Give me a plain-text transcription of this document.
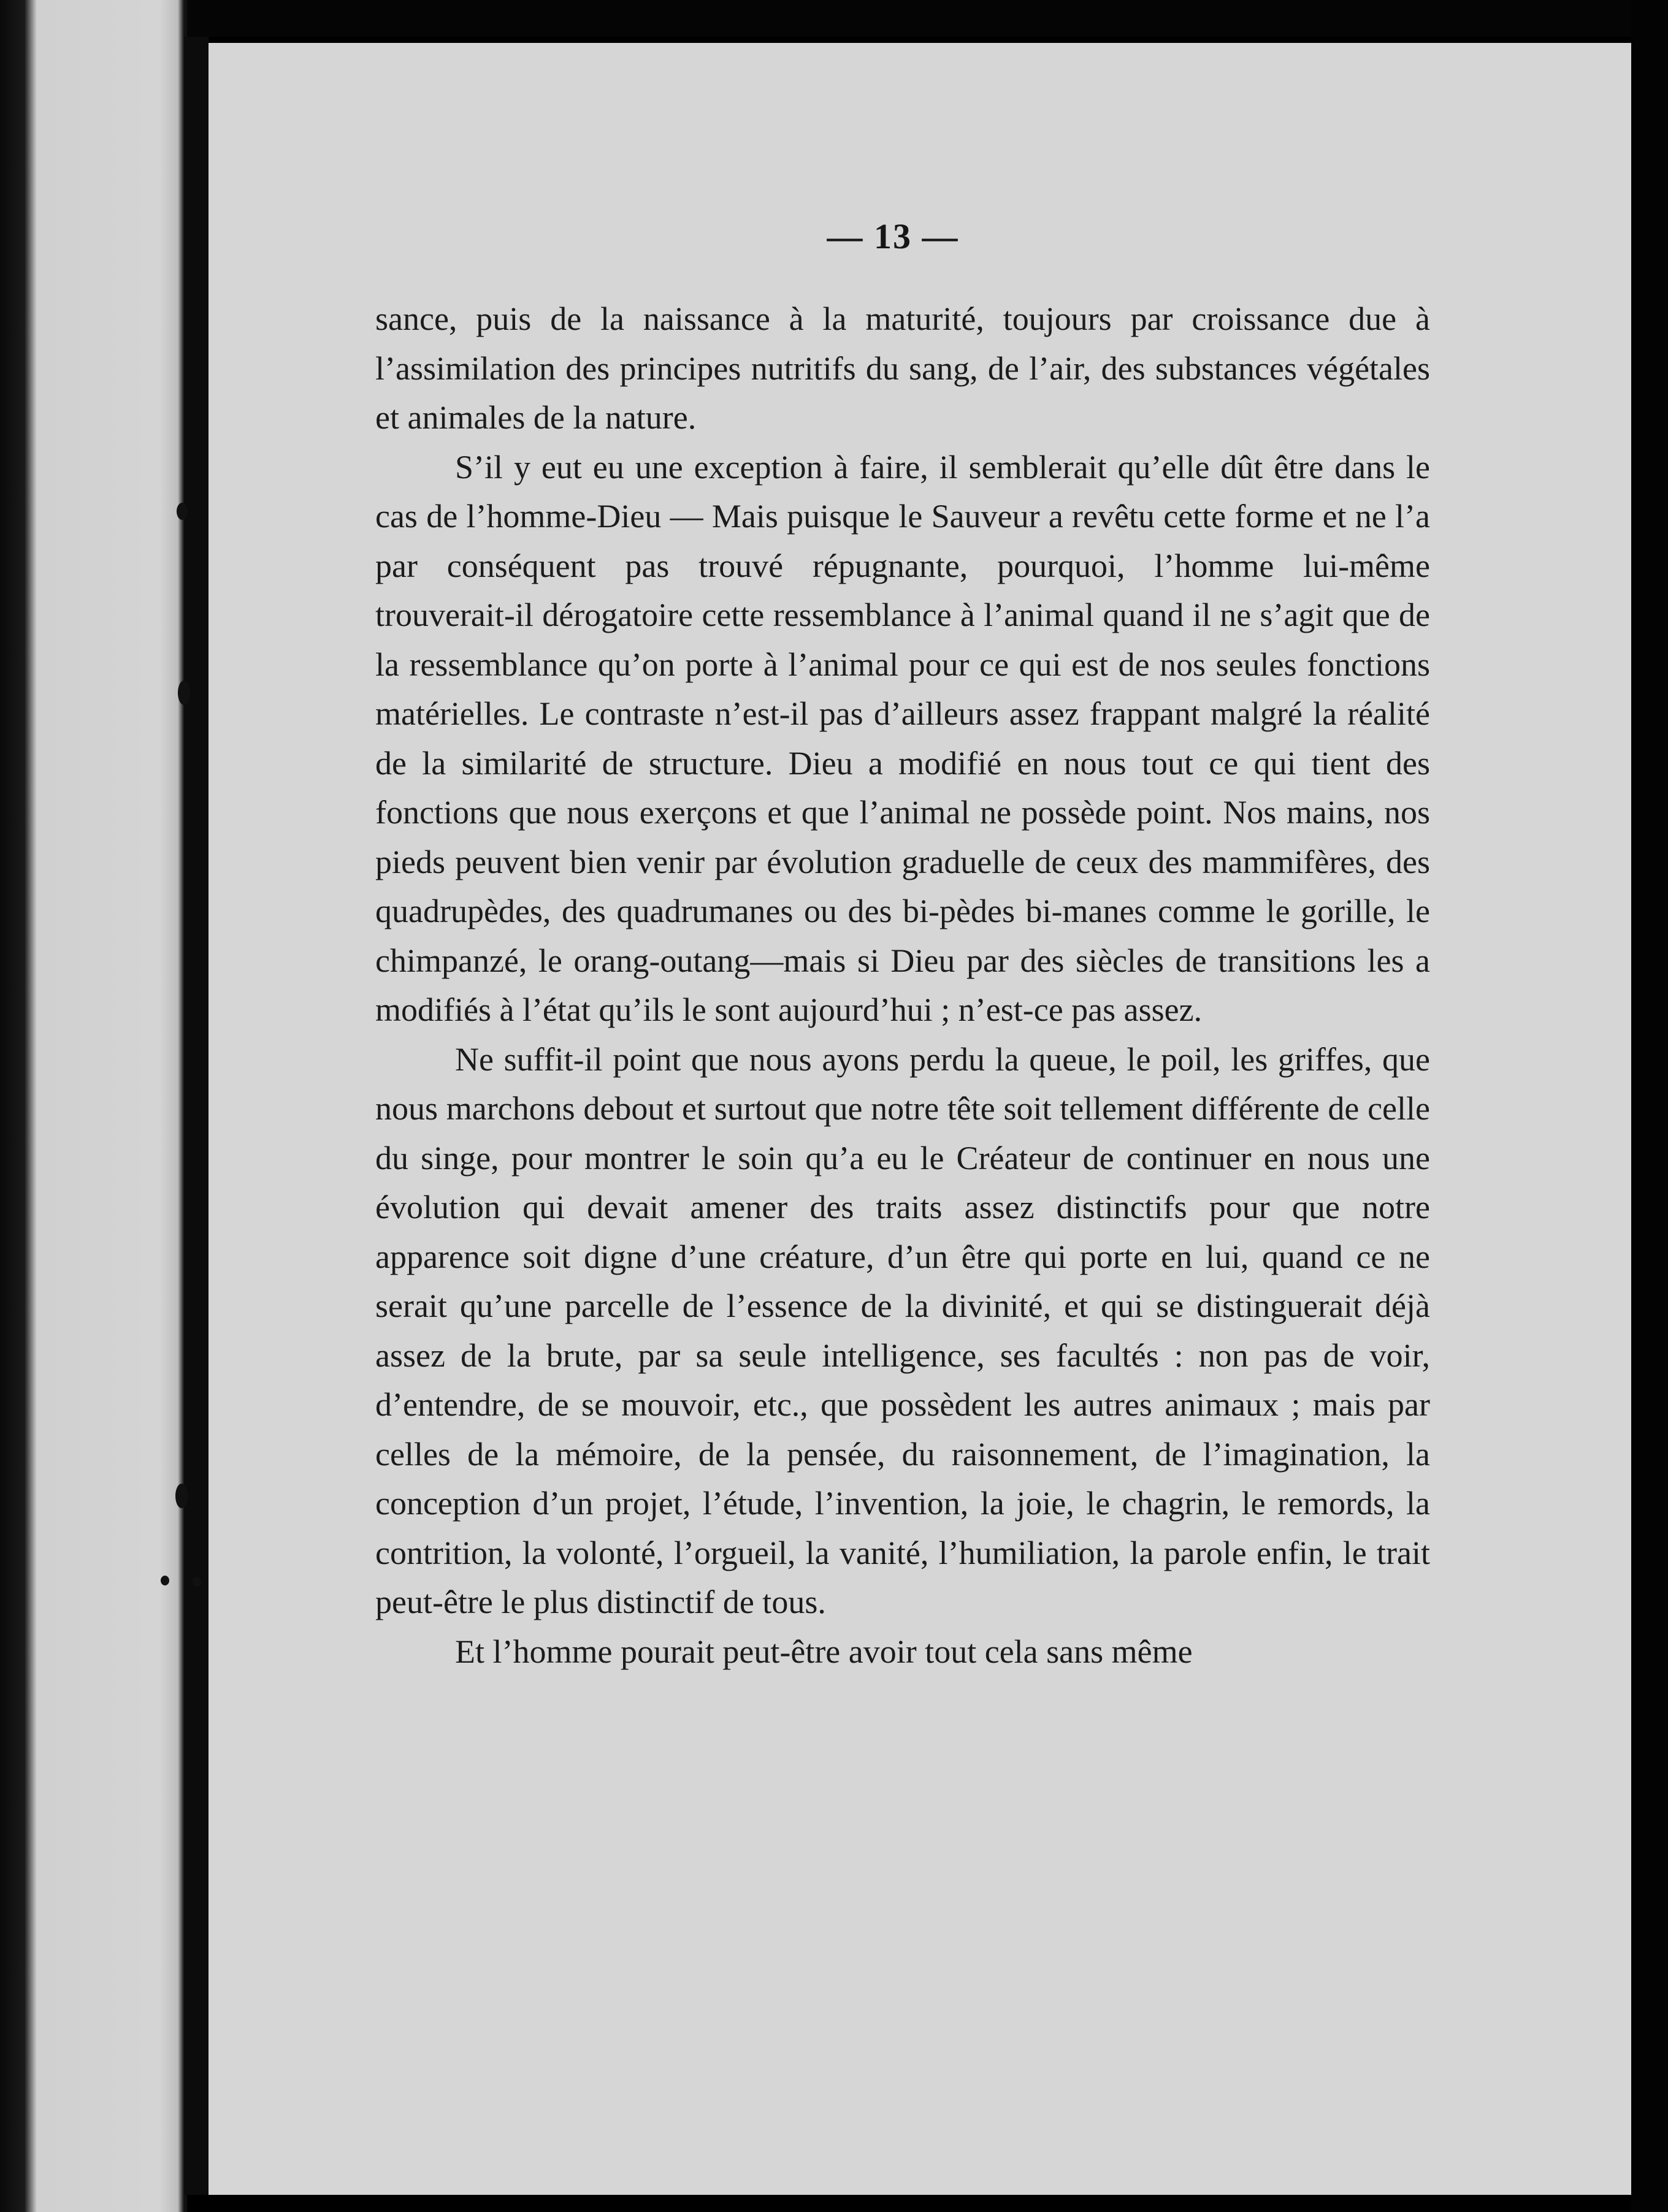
— 13 —

sance, puis de la naissance à la maturité, toujours par croissance due à l’assimilation des principes nutritifs du sang, de l’air, des substances végétales et animales de la nature.

S’il y eut eu une exception à faire, il semblerait qu’elle dût être dans le cas de l’homme-Dieu — Mais puisque le Sauveur a revêtu cette forme et ne l’a par conséquent pas trouvé répugnante, pourquoi, l’homme lui-même trouverait-il dérogatoire cette ressemblance à l’animal quand il ne s’agit que de la ressemblance qu’on porte à l’animal pour ce qui est de nos seules fonctions matérielles. Le contraste n’est-il pas d’ailleurs assez frappant malgré la réalité de la similarité de structure. Dieu a modifié en nous tout ce qui tient des fonctions que nous exerçons et que l’animal ne possède point. Nos mains, nos pieds peuvent bien venir par évolution graduelle de ceux des mammifères, des quadrupèdes, des quadrumanes ou des bi-pèdes bi-manes comme le gorille, le chimpanzé, le orang-outang—mais si Dieu par des siècles de transitions les a modifiés à l’état qu’ils le sont aujourd’hui ; n’est-ce pas assez.

Ne suffit-il point que nous ayons perdu la queue, le poil, les griffes, que nous marchons debout et surtout que notre tête soit tellement différente de celle du singe, pour montrer le soin qu’a eu le Créateur de continuer en nous une évolution qui devait amener des traits assez distinctifs pour que notre apparence soit digne d’une créature, d’un être qui porte en lui, quand ce ne serait qu’une parcelle de l’essence de la divinité, et qui se distinguerait déjà assez de la brute, par sa seule intelligence, ses facultés : non pas de voir, d’entendre, de se mouvoir, etc., que possèdent les autres animaux ; mais par celles de la mémoire, de la pensée, du raisonnement, de l’imagination, la conception d’un projet, l’étude, l’invention, la joie, le chagrin, le remords, la contrition, la volonté, l’orgueil, la vanité, l’humiliation, la parole enfin, le trait peut-être le plus distinctif de tous.

Et l’homme pourait peut-être avoir tout cela sans même
